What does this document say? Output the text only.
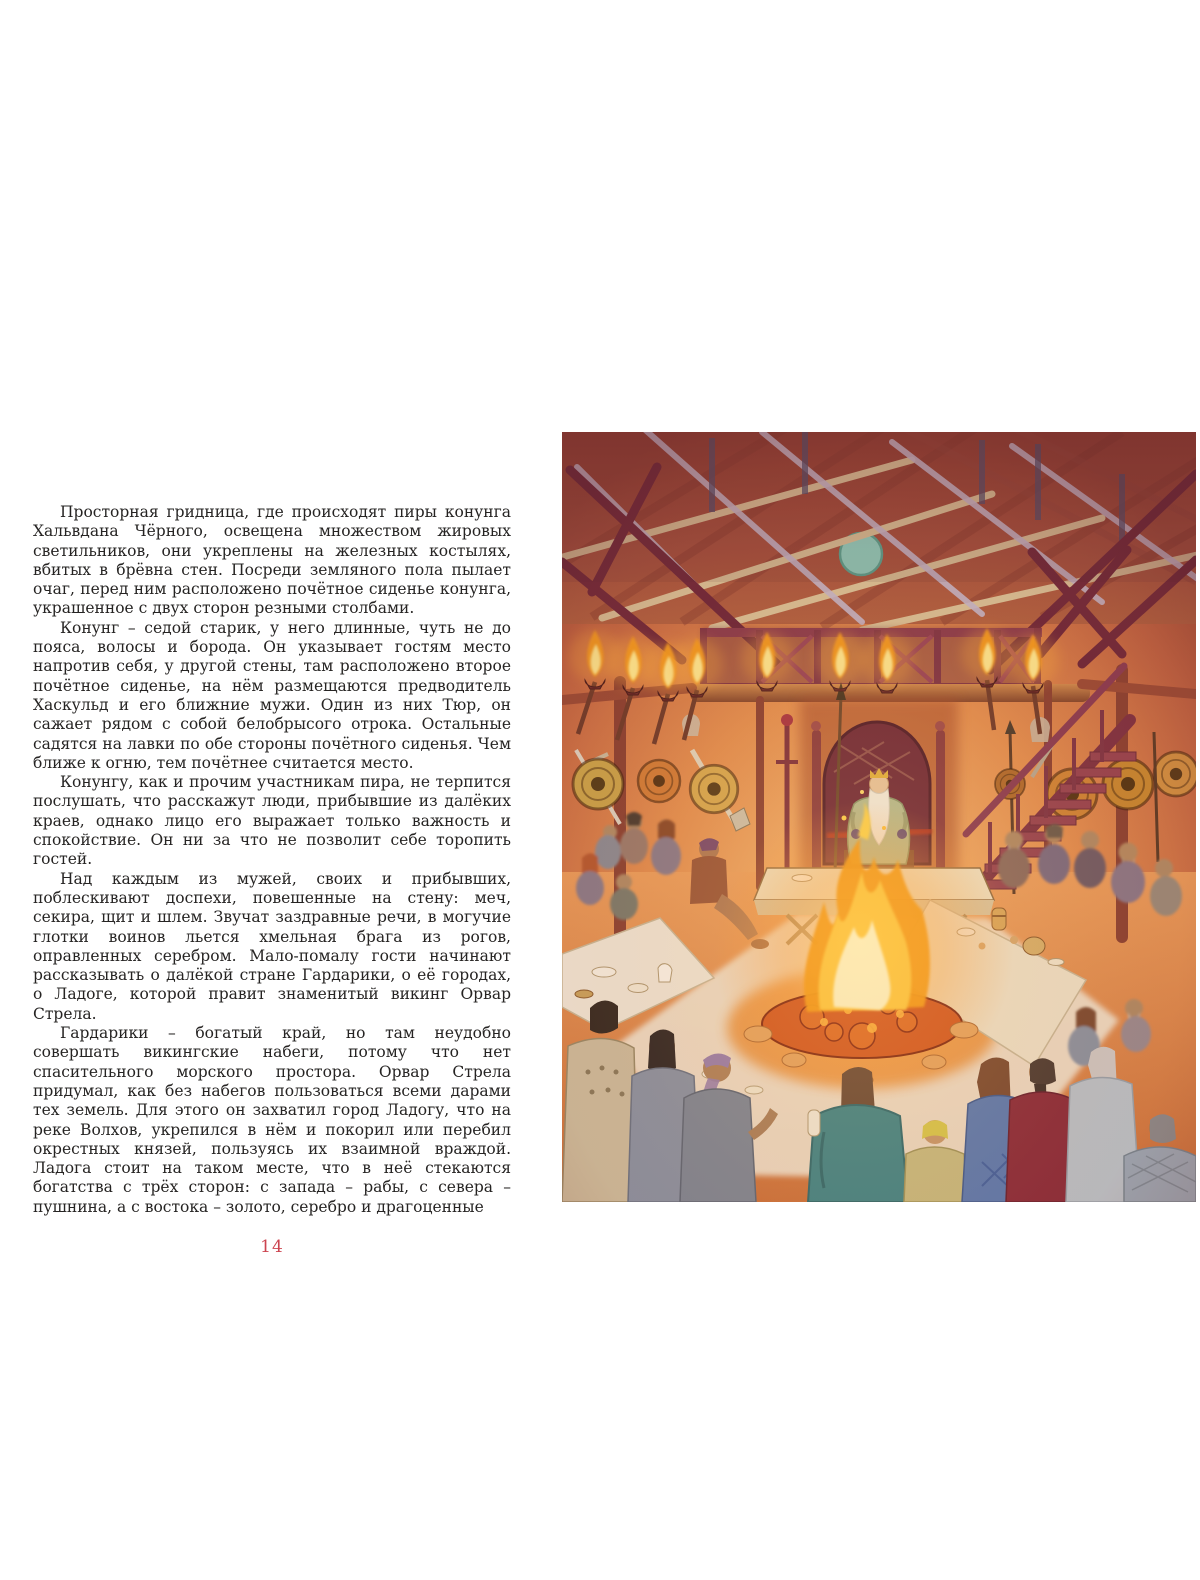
Просторная гридница, где происходят пиры конунга Хальвдана Чёрного, освещена множеством жировых светильников, они укреплены на железных костылях, вбитых в брёвна стен. Посреди земляного пола пылает очаг, перед ним расположено почётное сиденье конунга, украшенное с двух сторон резными столбами.

Конунг – седой старик, у него длинные, чуть не до пояса, волосы и борода. Он указывает гостям место напротив себя, у другой стены, там расположено второе почётное сиденье, на нём размещаются предводитель Хаскульд и его ближние мужи. Один из них Тюр, он сажает рядом с собой белобрысого отрока. Остальные садятся на лавки по обе стороны почётного сиденья. Чем ближе к огню, тем почётнее считается место.

Конунгу, как и прочим участникам пира, не терпится послушать, что расскажут люди, прибывшие из далёких краев, однако лицо его выражает только важность и спокойствие. Он ни за что не позволит себе торопить гостей.

Над каждым из мужей, своих и прибывших, поблескивают доспехи, повешенные на стену: меч, секира, щит и шлем. Звучат заздравные речи, в могучие глотки воинов льется хмельная брага из рогов, оправленных серебром. Мало-помалу гости начинают рассказывать о далёкой стране Гардарики, о её городах, о Ладоге, которой правит знаменитый викинг Орвар Стрела.

Гардарики – богатый край, но там неудобно совершать викингские набеги, потому что нет спасительного морского простора. Орвар Стрела придумал, как без набегов пользоваться всеми дарами тех земель. Для этого он захватил город Ладогу, что на реке Волхов, укрепился в нём и покорил или перебил окрестных князей, пользуясь их взаимной враждой. Ладога стоит на таком месте, что в неё стекаются богатства с трёх сторон: с запада – рабы, с севера – пушнина, а с востока – золото, серебро и драгоценные

14
